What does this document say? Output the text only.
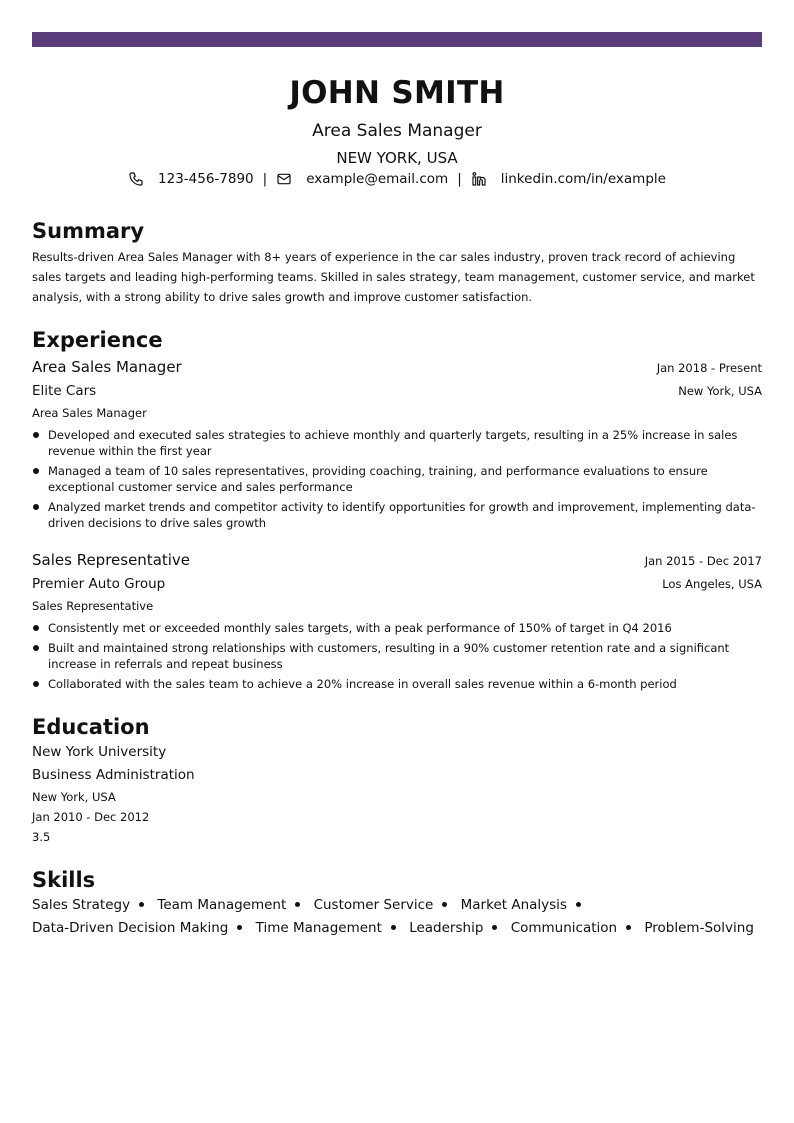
JOHN SMITH
Area Sales Manager
NEW YORK, USA
123-456-7890 |	example@email.com |	linkedin.com/in/example
Summary
Results-driven Area Sales Manager with 8+ years of experience in the car sales industry, proven track record of achieving sales targets and leading high-performing teams. Skilled in sales strategy, team management, customer service, and market analysis, with a strong ability to drive sales growth and improve customer satisfaction.
Experience
Area Sales Manager	Jan 2018 - Present
Elite Cars	New York, USA
Area Sales Manager
Developed and executed sales strategies to achieve monthly and quarterly targets, resulting in a 25% increase in sales revenue within the first year
Managed a team of 10 sales representatives, providing coaching, training, and performance evaluations to ensure exceptional customer service and sales performance
Analyzed market trends and competitor activity to identify opportunities for growth and improvement, implementing data-driven decisions to drive sales growth
Sales Representative	Jan 2015 - Dec 2017
Premier Auto Group	Los Angeles, USA
Sales Representative
Consistently met or exceeded monthly sales targets, with a peak performance of 150% of target in Q4 2016
Built and maintained strong relationships with customers, resulting in a 90% customer retention rate and a significant increase in referrals and repeat business
Collaborated with the sales team to achieve a 20% increase in overall sales revenue within a 6-month period
Education
New York University
Business Administration
New York, USA
Jan 2010 - Dec 2012
3.5
Skills
Sales Strategy Team Management Customer Service Market Analysis Data-Driven Decision Making Time Management Leadership Communication Problem-Solving
